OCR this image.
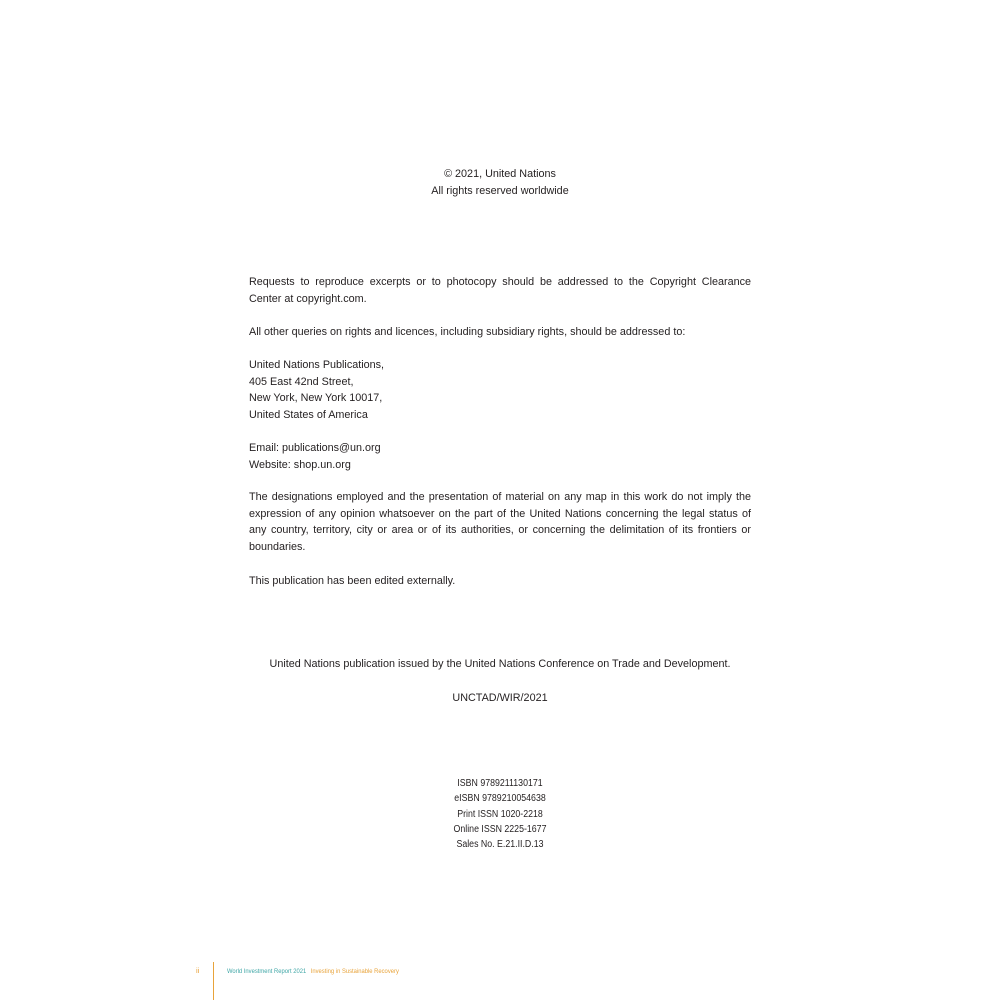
© 2021, United Nations
All rights reserved worldwide
Requests to reproduce excerpts or to photocopy should be addressed to the Copyright Clearance
Center at copyright.com.
All other queries on rights and licences, including subsidiary rights, should be addressed to:
United Nations Publications,
405 East 42nd Street,
New York, New York 10017,
United States of America
Email: publications@un.org
Website: shop.un.org
The designations employed and the presentation of material on any map in this work do not imply the
expression of any opinion whatsoever on the part of the United Nations concerning the legal status of
any country, territory, city or area or of its authorities, or concerning the delimitation of its frontiers or
boundaries.
This publication has been edited externally.
United Nations publication issued by the United Nations Conference on Trade and Development.
UNCTAD/WIR/2021
ISBN 9789211130171
eISBN 9789210054638
Print ISSN 1020-2218
Online ISSN 2225-1677
Sales No. E.21.II.D.13
ii	World Investment Report 2021 Investing in Sustainable Recovery
